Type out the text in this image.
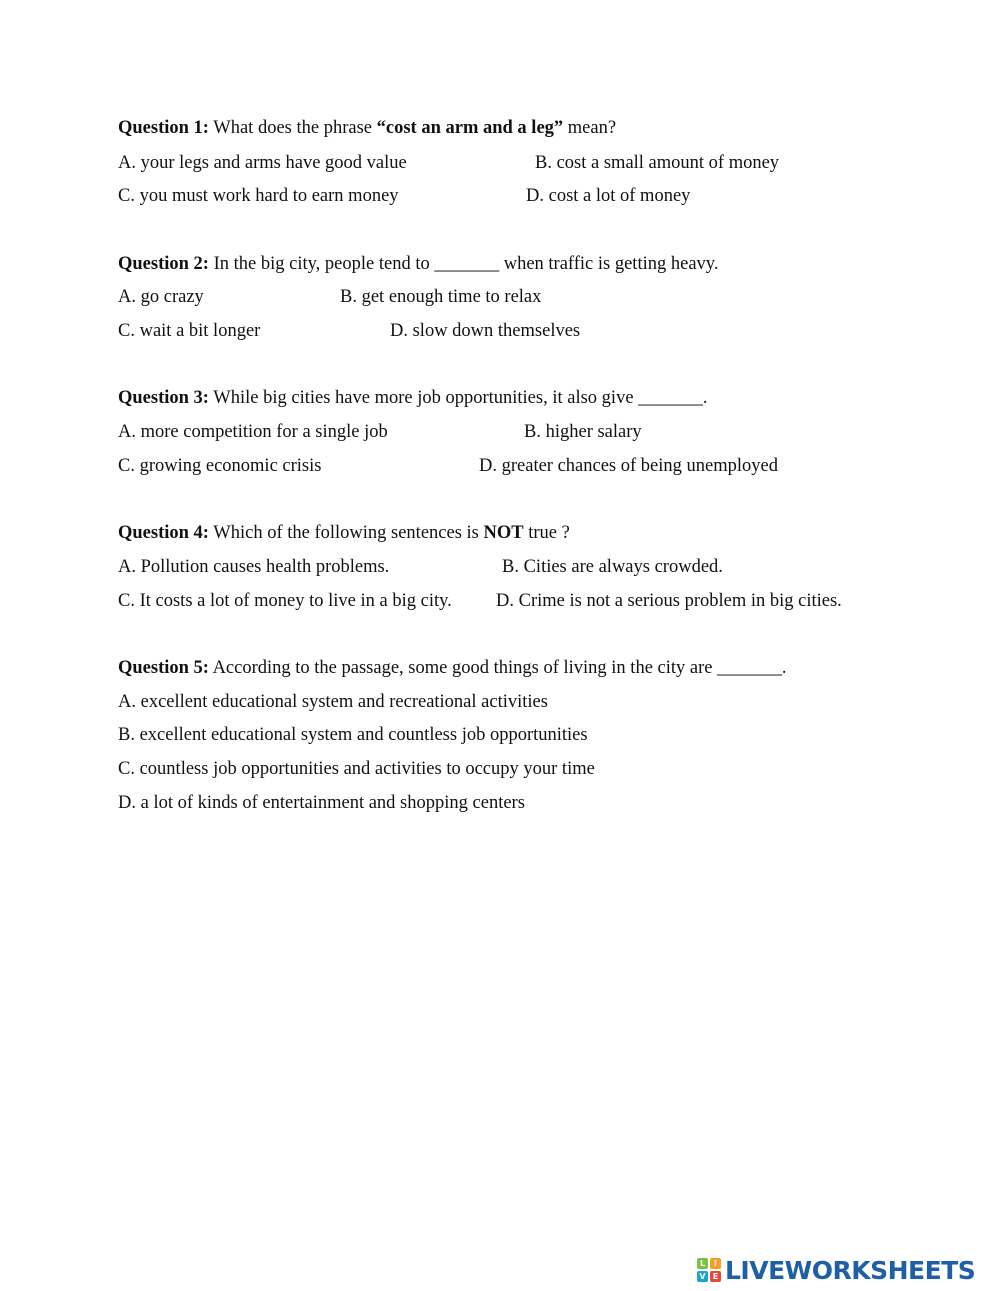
Question 1: What does the phrase “cost an arm and a leg” mean?
A. your legs and arms have good value	B. cost a small amount of money
C. you must work hard to earn money	D. cost a lot of money
Question 2: In the big city, people tend to _______ when traffic is getting heavy.
A. go crazy	B. get enough time to relax
C. wait a bit longer	D. slow down themselves
Question 3: While big cities have more job opportunities, it also give _______.
A. more competition for a single job	B. higher salary
C. growing economic crisis	D. greater chances of being unemployed
Question 4: Which of the following sentences is NOT true ?
A. Pollution causes health problems.	B. Cities are always crowded.
C. It costs a lot of money to live in a big city. D. Crime is not a serious problem in big cities.
Question 5: According to the passage, some good things of living in the city are _______.
A. excellent educational system and recreational activities
B. excellent educational system and countless job opportunities
C. countless job opportunities and activities to occupy your time
D. a lot of kinds of entertainment and shopping centers
L	I
V E LIVEWORKSHEETS
